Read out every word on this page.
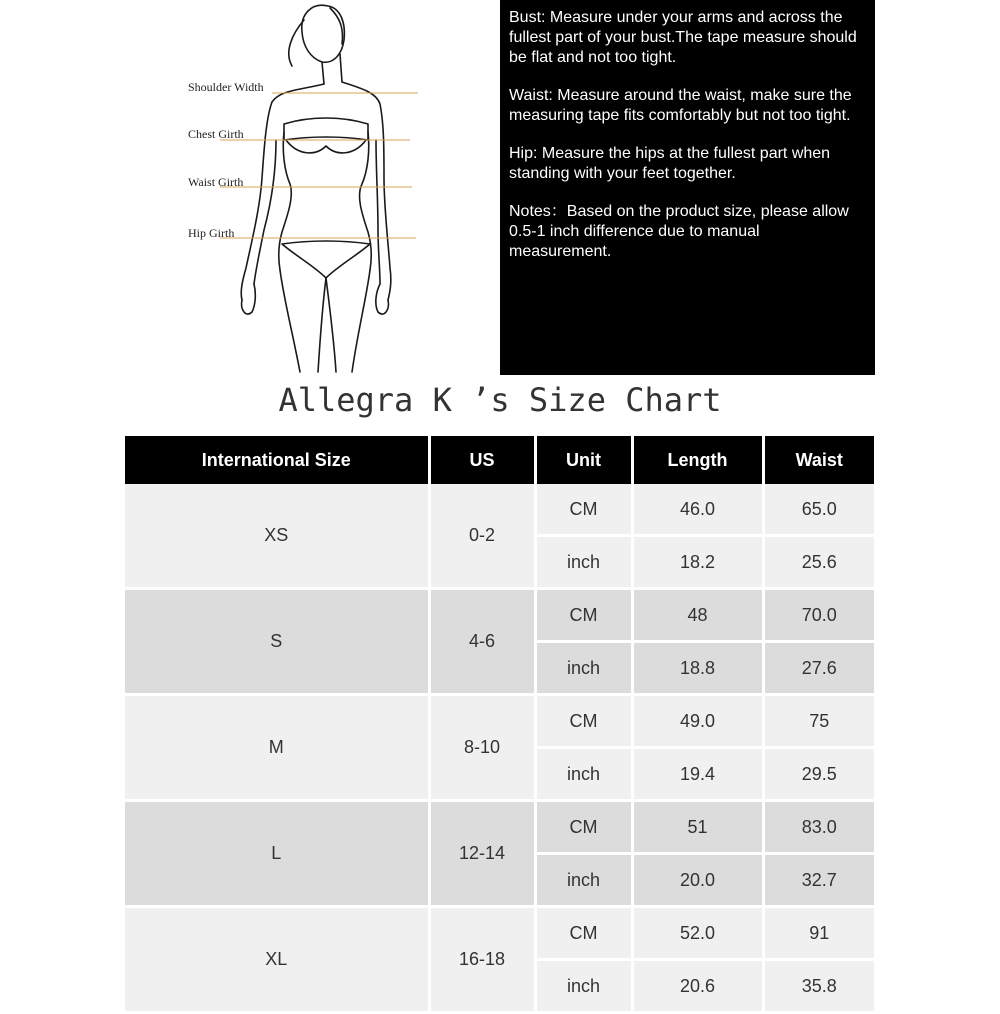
Shoulder Width
Chest Girth
Waist Girth
Hip Girth

Bust: Measure under your arms and across the fullest part of your bust.The tape measure should be flat and not too tight.

Waist: Measure around the waist, make sure the measuring tape fits comfortably but not too tight.

Hip: Measure the hips at the fullest part when standing with your feet together.

Notes：Based on the product size, please allow 0.5-1 inch difference due to manual measurement.

Allegra K ’s Size Chart
International Size	US	Unit	Length	Waist
XS	0-2	CM	46.0	65.0
		inch	18.2	25.6
S	4-6	CM	48	70.0
		inch	18.8	27.6
M	8-10	CM	49.0	75
		inch	19.4	29.5
L	12-14	CM	51	83.0
		inch	20.0	32.7
XL	16-18	CM	52.0	91
		inch	20.6	35.8
